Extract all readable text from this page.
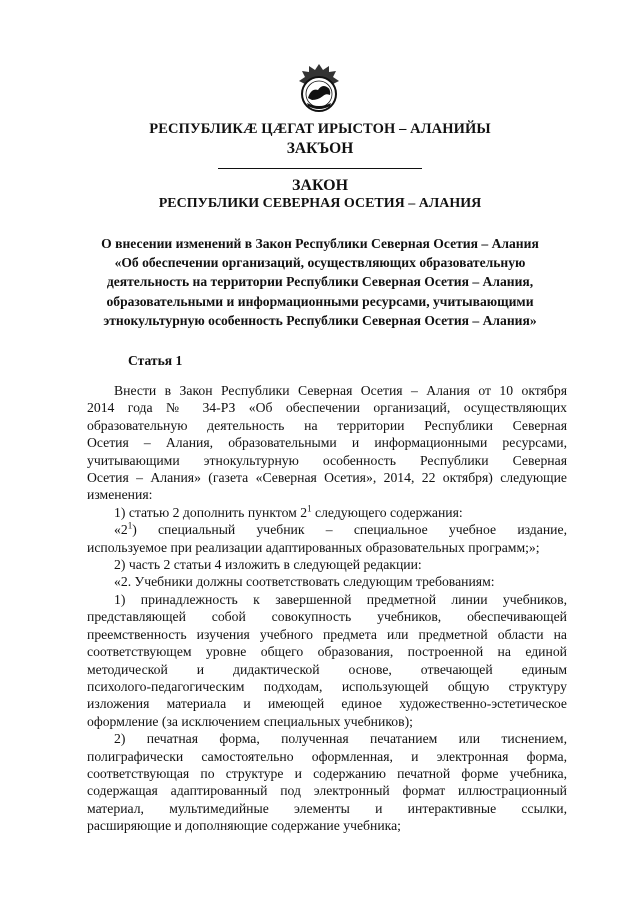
РЕСПУБЛИКӔ ЦӔГАТ ИРЫСТОН – АЛАНИЙЫ
ЗАКЪОН
ЗАКОН
РЕСПУБЛИКИ СЕВЕРНАЯ ОСЕТИЯ – АЛАНИЯ
О внесении изменений в Закон Республики Северная Осетия – Алания
«Об обеспечении организаций, осуществляющих образовательную
деятельность на территории Республики Северная Осетия – Алания,
образовательными и информационными ресурсами, учитывающими
этнокультурную особенность Республики Северная Осетия – Алания»
Статья 1
Внести в Закон Республики Северная Осетия – Алания от 10 октября
2014 года № 34-РЗ «Об обеспечении организаций, осуществляющих
образовательную деятельность на территории Республики Северная
Осетия – Алания, образовательными и информационными ресурсами,
учитывающими этнокультурную особенность Республики Северная
Осетия – Алания» (газета «Северная Осетия», 2014, 22 октября) следующие
изменения:
1) статью 2 дополнить пунктом $2^1$ следующего содержания:
«$2^1$) специальный учебник – специальное учебное издание,
используемое при реализации адаптированных образовательных программ;»;
2) часть 2 статьи 4 изложить в следующей редакции:
«2. Учебники должны соответствовать следующим требованиям:
1) принадлежность к завершенной предметной линии учебников,
представляющей собой совокупность учебников, обеспечивающей
преемственность изучения учебного предмета или предметной области на
соответствующем уровне общего образования, построенной на единой
методической и дидактической основе, отвечающей единым
психолого-педагогическим подходам, использующей общую структуру
изложения материала и имеющей единое художественно-эстетическое
оформление (за исключением специальных учебников);
2) печатная форма, полученная печатанием или тиснением,
полиграфически самостоятельно оформленная, и электронная форма,
соответствующая по структуре и содержанию печатной форме учебника,
содержащая адаптированный под электронный формат иллюстрационный
материал, мультимедийные элементы и интерактивные ссылки,
расширяющие и дополняющие содержание учебника;
